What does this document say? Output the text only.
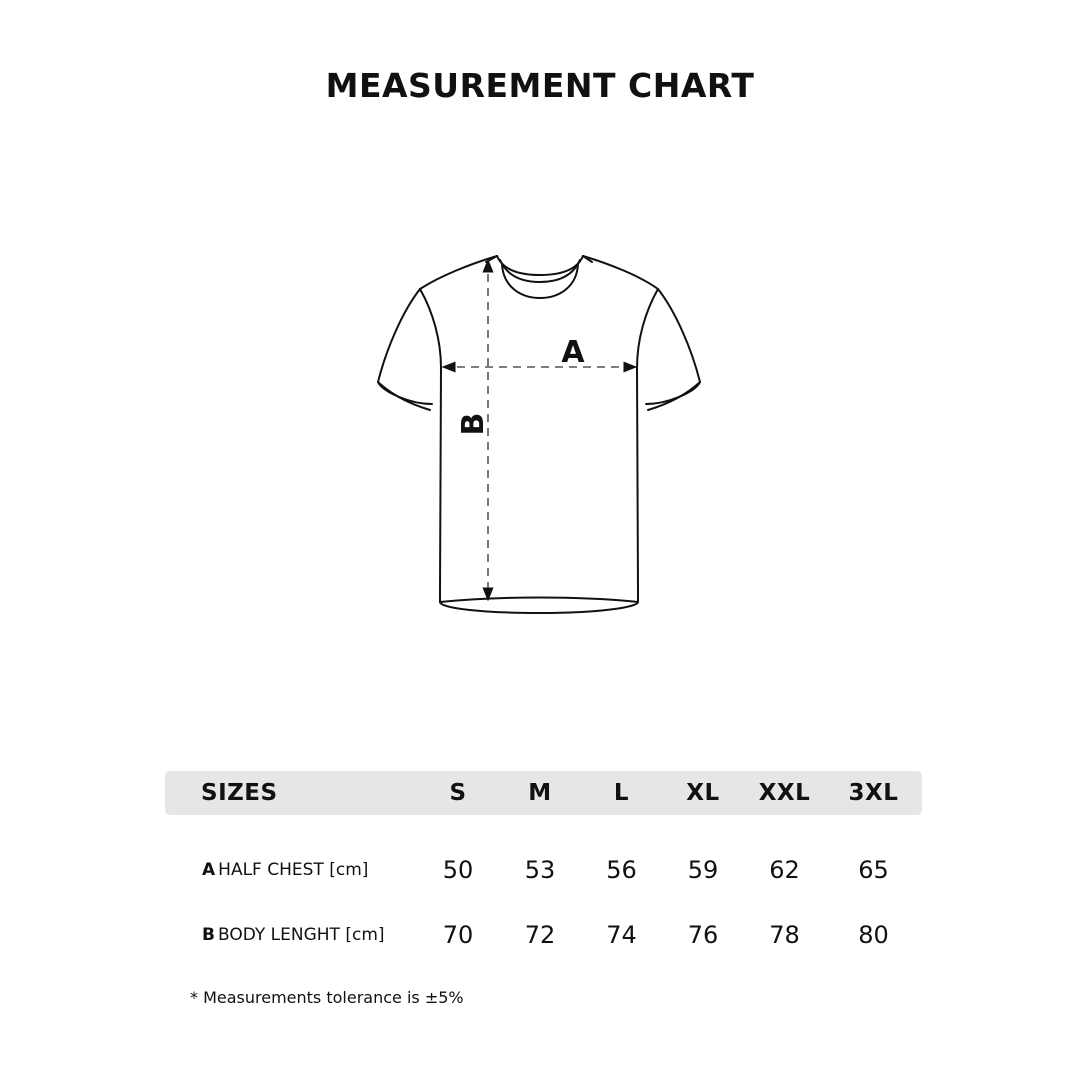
MEASUREMENT CHART
A
B
SIZES	S	M	L	XL	XXL	3XL

A HALF CHEST [cm]	50	53	56	59	62	65
B BODY LENGHT [cm]	70	72	74	76	78	80
* Measurements tolerance is ±5%
